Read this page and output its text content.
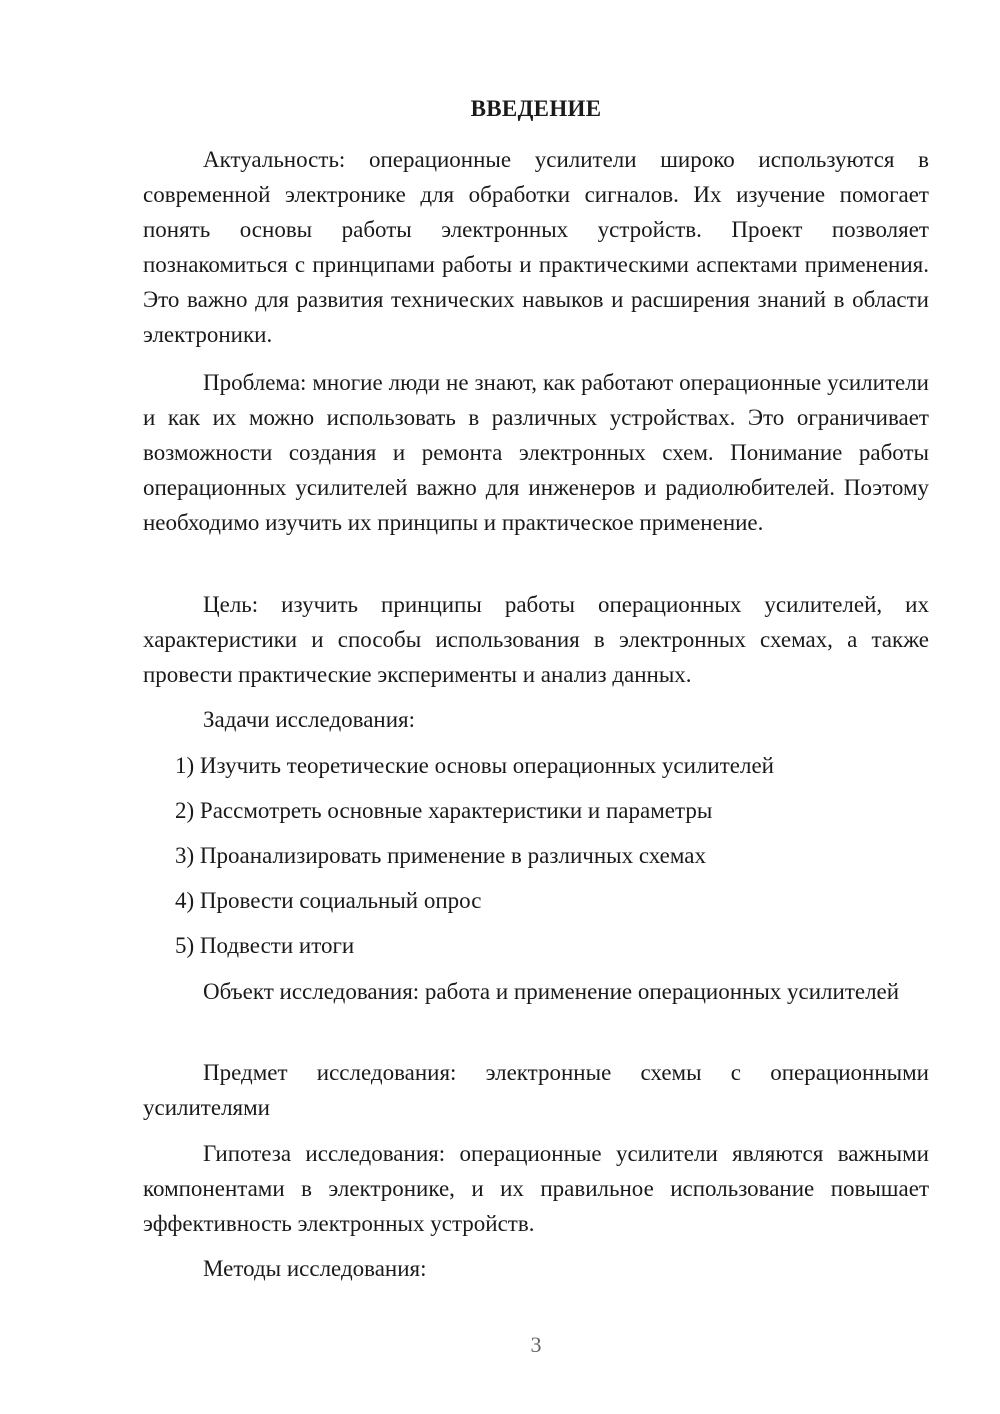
ВВЕДЕНИЕ

Актуальность: операционные усилители широко используются в современной электронике для обработки сигналов. Их изучение помогает понять основы работы электронных устройств. Проект позволяет познакомиться с принципами работы и практическими аспектами применения. Это важно для развития технических навыков и расширения знаний в области электроники.

Проблема: многие люди не знают, как работают операционные усилители и как их можно использовать в различных устройствах. Это ограничивает возможности создания и ремонта электронных схем. Понимание работы операционных усилителей важно для инженеров и радиолюбителей. Поэтому необходимо изучить их принципы и практическое применение.

Цель: изучить принципы работы операционных усилителей, их характеристики и способы использования в электронных схемах, а также провести практические эксперименты и анализ данных.

Задачи исследования:

1) Изучить теоретические основы операционных усилителей

2) Рассмотреть основные характеристики и параметры

3) Проанализировать применение в различных схемах

4) Провести социальный опрос

5) Подвести итоги

Объект исследования: работа и применение операционных усилителей

Предмет исследования: электронные схемы с операционными усилителями

Гипотеза исследования: операционные усилители являются важными компонентами в электронике, и их правильное использование повышает эффективность электронных устройств.

Методы исследования:

3
